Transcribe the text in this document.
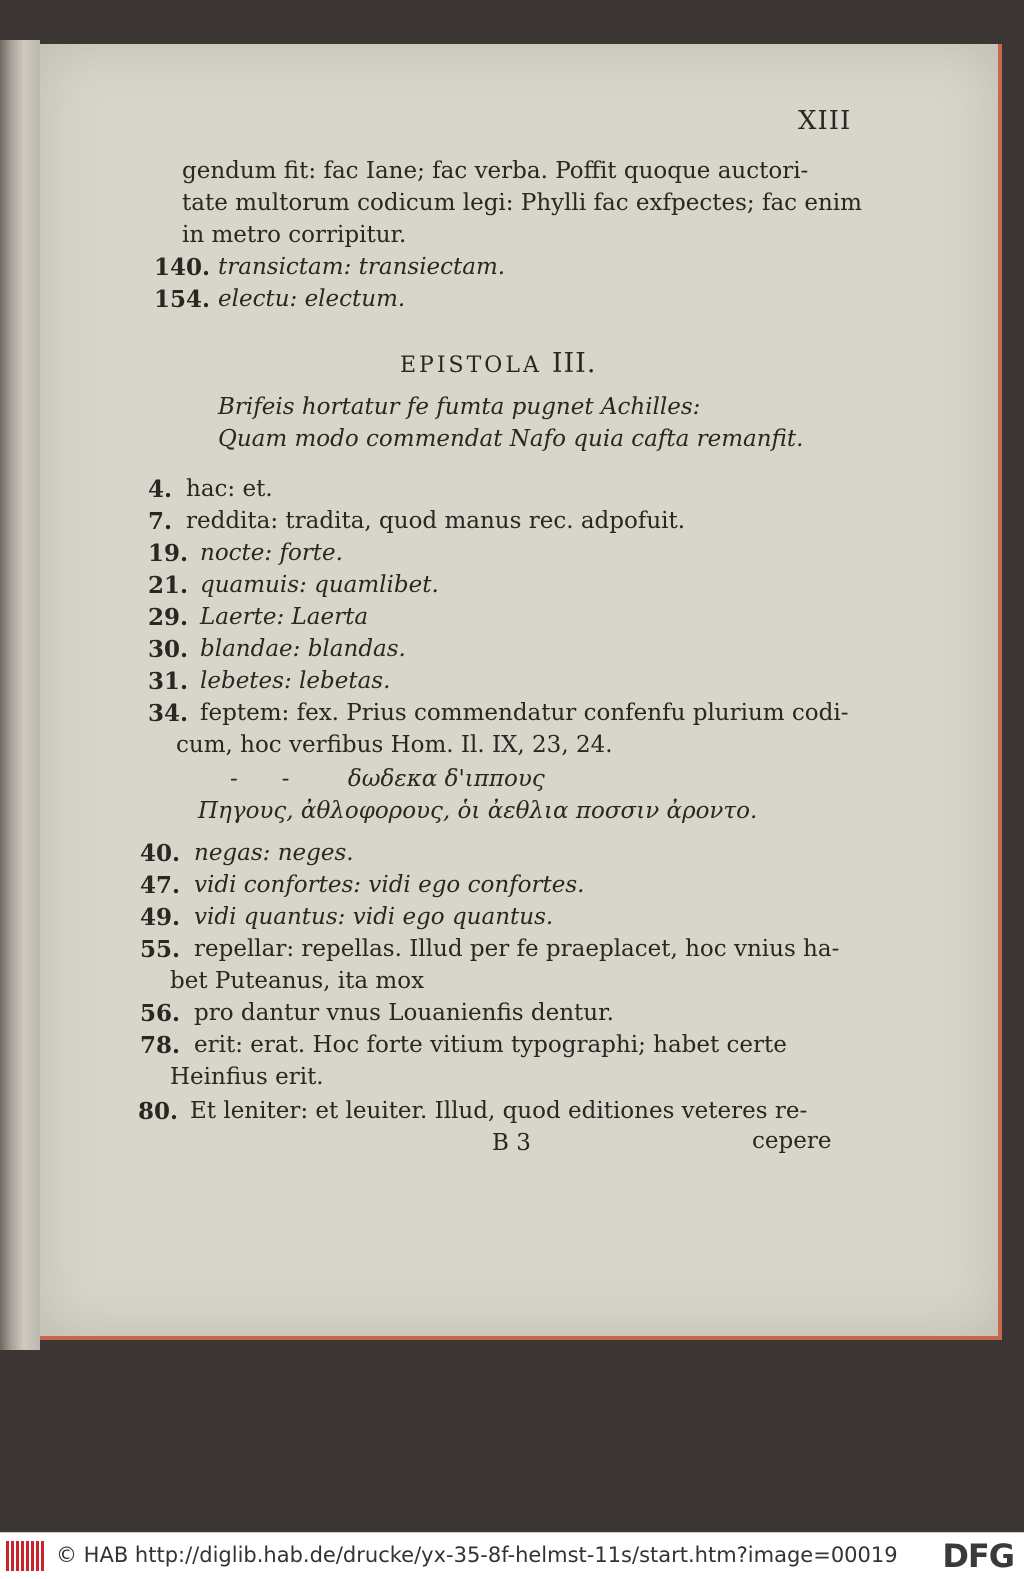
XIII
gendum fit: fac Iane; fac verba. Poffit quoque auctori-
tate multorum codicum legi: Phylli fac exfpectes; fac enim
in metro corripitur.
140. transictam: transiectam.
154. electu: electum.
EPISTOLA III.
Brifeis hortatur fe fumta pugnet Achilles:
Quam modo commendat Nafo quia cafta remanfit.
4. hac: et.
7. reddita: tradita, quod manus rec. adpofuit.
19. nocte: forte.
21. quamuis: quamlibet.
29. Laerte: Laerta
30. blandae: blandas.
31. lebetes: lebetas.
34. feptem: fex. Prius commendatur confenfu plurium codi-
cum, hoc verfibus Hom. Il. IX, 23, 24.
-      -        δωδεκα δ'ιππους
Πηγους, ἀθλοφορους, ὁι ἀεθλια ποσσιν ἀροντο.
40. negas: neges.
47. vidi confortes: vidi ego confortes.
49. vidi quantus: vidi ego quantus.
55. repellar: repellas. Illud per fe praeplacet, hoc vnius ha-
bet Puteanus, ita mox
56. pro dantur vnus Louanienfis dentur.
78. erit: erat. Hoc forte vitium typographi; habet certe
Heinfius erit.
80. Et leniter: et leuiter. Illud, quod editiones veteres re-
B 3	cepere
© HAB http://diglib.hab.de/drucke/yx-35-8f-helmst-11s/start.htm?image=00019 DFG
